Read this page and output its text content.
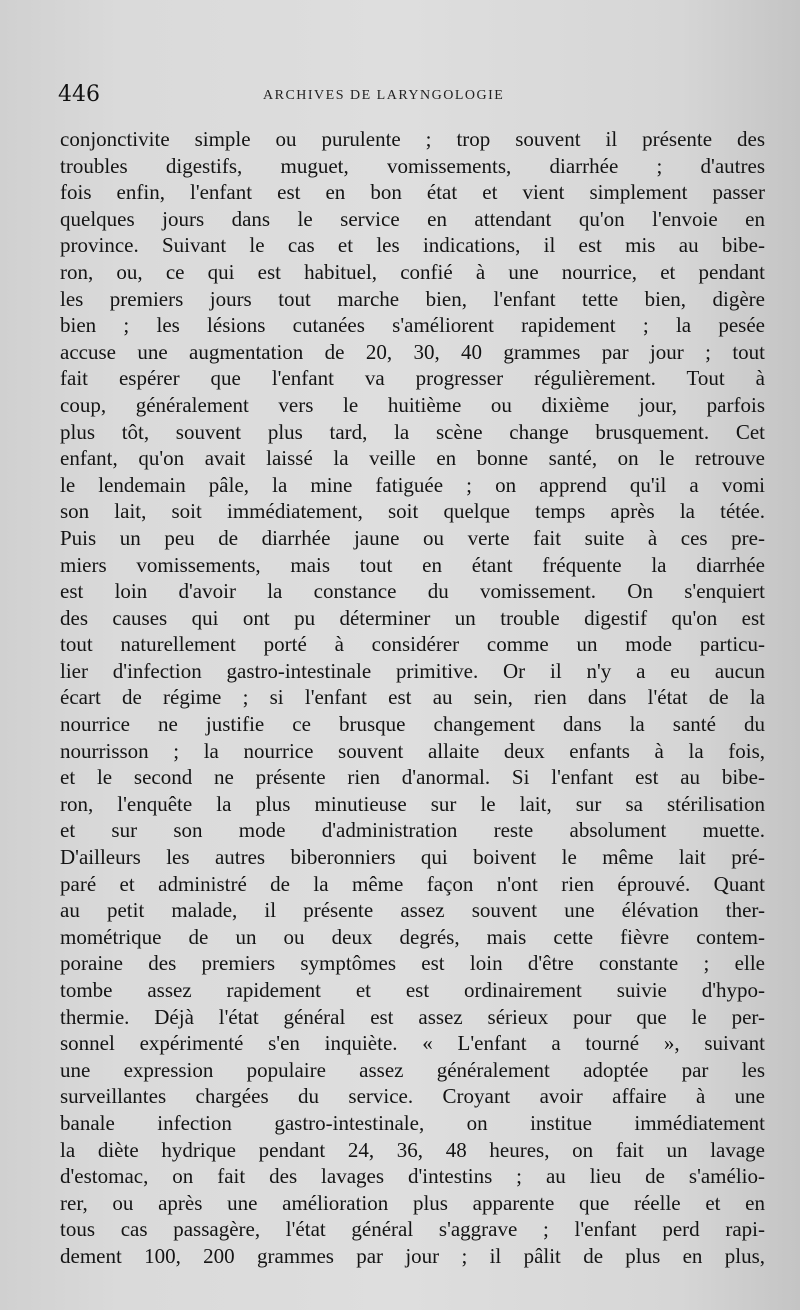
446	ARCHIVES DE LARYNGOLOGIE
conjonctivite simple ou purulente ; trop souvent il présente des
troubles digestifs, muguet, vomissements, diarrhée ; d'autres
fois enfin, l'enfant est en bon état et vient simplement passer
quelques jours dans le service en attendant qu'on l'envoie en
province. Suivant le cas et les indications, il est mis au bibe-
ron, ou, ce qui est habituel, confié à une nourrice, et pendant
les premiers jours tout marche bien, l'enfant tette bien, digère
bien ; les lésions cutanées s'améliorent rapidement ; la pesée
accuse une augmentation de 20, 30, 40 grammes par jour ; tout
fait espérer que l'enfant va progresser régulièrement. Tout à
coup, généralement vers le huitième ou dixième jour, parfois
plus tôt, souvent plus tard, la scène change brusquement. Cet
enfant, qu'on avait laissé la veille en bonne santé, on le retrouve
le lendemain pâle, la mine fatiguée ; on apprend qu'il a vomi
son lait, soit immédiatement, soit quelque temps après la tétée.
Puis un peu de diarrhée jaune ou verte fait suite à ces pre-
miers vomissements, mais tout en étant fréquente la diarrhée
est loin d'avoir la constance du vomissement. On s'enquiert
des causes qui ont pu déterminer un trouble digestif qu'on est
tout naturellement porté à considérer comme un mode particu-
lier d'infection gastro-intestinale primitive. Or il n'y a eu aucun
écart de régime ; si l'enfant est au sein, rien dans l'état de la
nourrice ne justifie ce brusque changement dans la santé du
nourrisson ; la nourrice souvent allaite deux enfants à la fois,
et le second ne présente rien d'anormal. Si l'enfant est au bibe-
ron, l'enquête la plus minutieuse sur le lait, sur sa stérilisation
et sur son mode d'administration reste absolument muette.
D'ailleurs les autres biberonniers qui boivent le même lait pré-
paré et administré de la même façon n'ont rien éprouvé. Quant
au petit malade, il présente assez souvent une élévation ther-
mométrique de un ou deux degrés, mais cette fièvre contem-
poraine des premiers symptômes est loin d'être constante ; elle
tombe assez rapidement et est ordinairement suivie d'hypo-
thermie. Déjà l'état général est assez sérieux pour que le per-
sonnel expérimenté s'en inquiète. « L'enfant a tourné », suivant
une expression populaire assez généralement adoptée par les
surveillantes chargées du service. Croyant avoir affaire à une
banale infection gastro-intestinale, on institue immédiatement
la diète hydrique pendant 24, 36, 48 heures, on fait un lavage
d'estomac, on fait des lavages d'intestins ; au lieu de s'amélio-
rer, ou après une amélioration plus apparente que réelle et en
tous cas passagère, l'état général s'aggrave ; l'enfant perd rapi-
dement 100, 200 grammes par jour ; il pâlit de plus en plus,
